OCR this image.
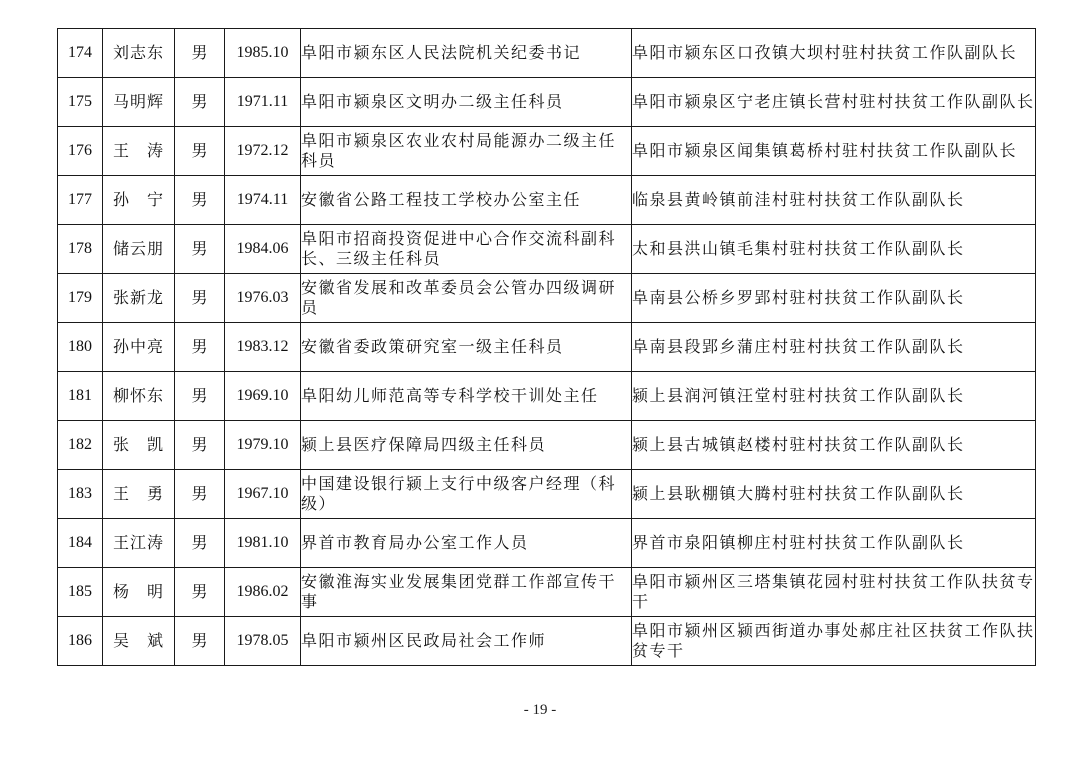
174	刘志东	男	1985.10	阜阳市颍东区人民法院机关纪委书记	阜阳市颍东区口孜镇大坝村驻村扶贫工作队副队长

175	马明辉	男	1971.11	阜阳市颍泉区文明办二级主任科员	阜阳市颍泉区宁老庄镇长营村驻村扶贫工作队副队长

176	王　涛	男	1972.12	阜阳市颍泉区农业农村局能源办二级主任科员	阜阳市颍泉区闻集镇葛桥村驻村扶贫工作队副队长

177	孙　宁	男	1974.11	安徽省公路工程技工学校办公室主任	临泉县黄岭镇前洼村驻村扶贫工作队副队长

178	储云朋	男	1984.06	阜阳市招商投资促进中心合作交流科副科长、三级主任科员	太和县洪山镇毛集村驻村扶贫工作队副队长

179	张新龙	男	1976.03	安徽省发展和改革委员会公管办四级调研员	阜南县公桥乡罗郢村驻村扶贫工作队副队长

180	孙中亮	男	1983.12	安徽省委政策研究室一级主任科员	阜南县段郢乡蒲庄村驻村扶贫工作队副队长

181	柳怀东	男	1969.10	阜阳幼儿师范高等专科学校干训处主任	颍上县润河镇汪堂村驻村扶贫工作队副队长

182	张　凯	男	1979.10	颍上县医疗保障局四级主任科员	颍上县古城镇赵楼村驻村扶贫工作队副队长

183	王　勇	男	1967.10	中国建设银行颍上支行中级客户经理（科级）	颍上县耿棚镇大腾村驻村扶贫工作队副队长

184	王江涛	男	1981.10	界首市教育局办公室工作人员	界首市泉阳镇柳庄村驻村扶贫工作队副队长

185	杨　明	男	1986.02	安徽淮海实业发展集团党群工作部宣传干事	阜阳市颍州区三塔集镇花园村驻村扶贫工作队扶贫专干

186	吴　斌	男	1978.05	阜阳市颍州区民政局社会工作师	阜阳市颍州区颍西街道办事处郝庄社区扶贫工作队扶贫专干
- 19 -
